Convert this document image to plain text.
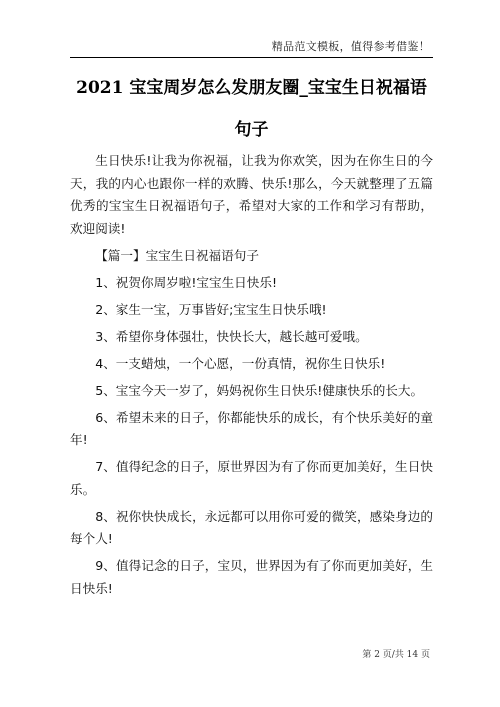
精品范文模板，值得参考借鉴！
2021 宝宝周岁怎么发朋友圈_宝宝生日祝福语句子

生日快乐!让我为你祝福，让我为你欢笑，因为在你生日的今天，我的内心也跟你一样的欢腾、快乐!那么，今天就整理了五篇优秀的宝宝生日祝福语句子，希望对大家的工作和学习有帮助，欢迎阅读!

【篇一】宝宝生日祝福语句子

1、祝贺你周岁啦!宝宝生日快乐!

2、家生一宝，万事皆好;宝宝生日快乐哦!

3、希望你身体强壮，快快长大，越长越可爱哦。

4、一支蜡烛，一个心愿，一份真情，祝你生日快乐!

5、宝宝今天一岁了，妈妈祝你生日快乐!健康快乐的长大。

6、希望未来的日子，你都能快乐的成长，有个快乐美好的童年!

7、值得纪念的日子，原世界因为有了你而更加美好，生日快乐。

8、祝你快快成长，永远都可以用你可爱的微笑，感染身边的每个人!

9、值得记念的日子，宝贝，世界因为有了你而更加美好，生日快乐!

第 2 页/共 14 页
